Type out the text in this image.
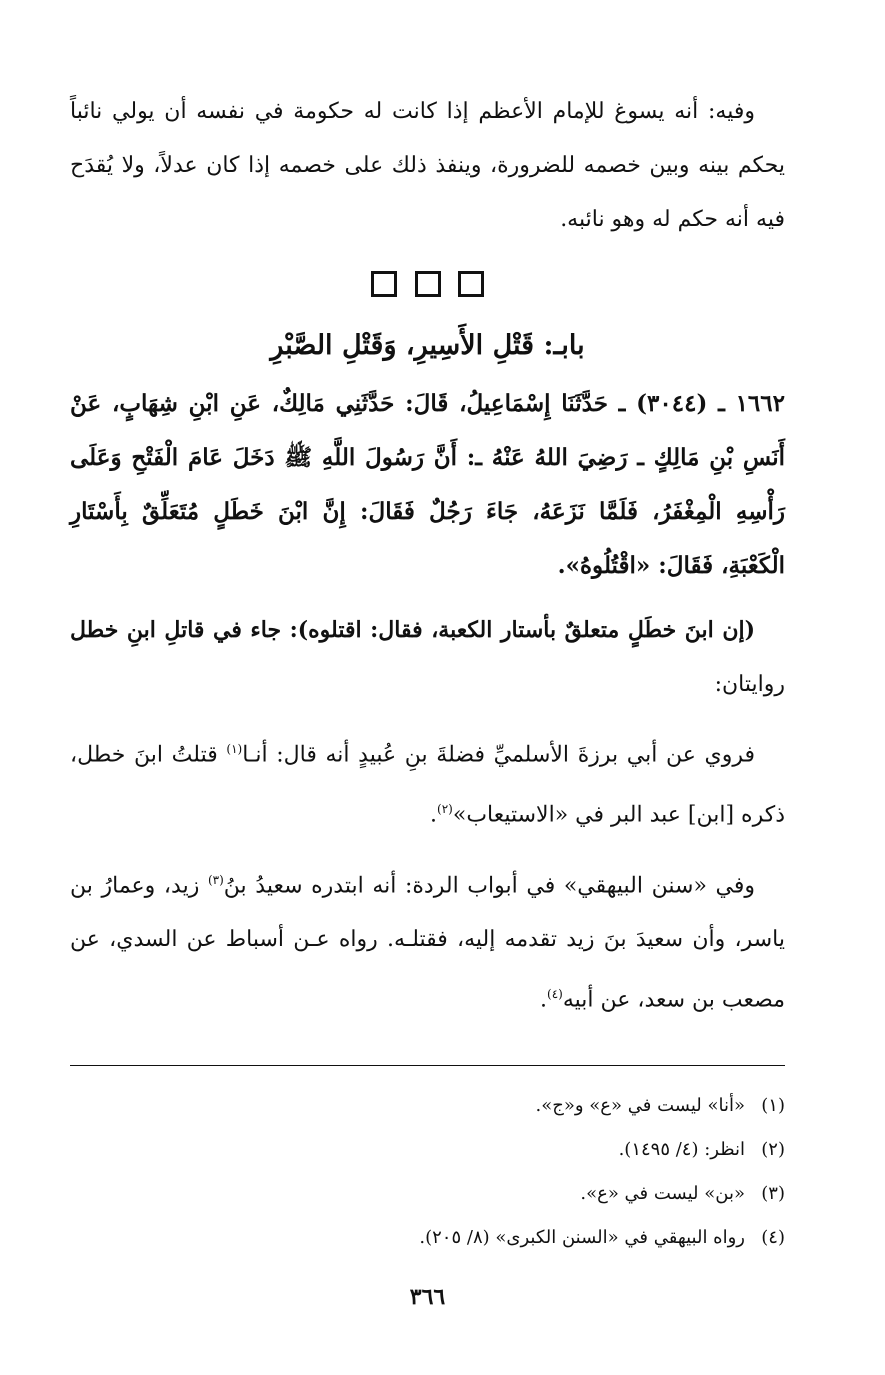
وفيه: أنه يسوغ للإمام الأعظم إذا كانت له حكومة في نفسه أن يولي نائباً يحكم بينه وبين خصمه للضرورة، وينفذ ذلك على خصمه إذا كان عدلاً، ولا يُقدَح فيه أنه حكم له وهو نائبه.

بابـ: قَتْلِ الأَسِيرِ، وَقَتْلِ الصَّبْرِ

١٦٦٢ ـ (٣٠٤٤) ـ حَدَّثَنَا إِسْمَاعِيلُ، قَالَ: حَدَّثَنِي مَالِكٌ، عَنِ ابْنِ شِهَابٍ، عَنْ أَنَسِ بْنِ مَالِكٍ ـ رَضِيَ اللهُ عَنْهُ ـ: أَنَّ رَسُولَ اللَّهِ ﷺ دَخَلَ عَامَ الْفَتْحِ وَعَلَى رَأْسِهِ الْمِغْفَرُ، فَلَمَّا نَزَعَهُ، جَاءَ رَجُلٌ فَقَالَ: إِنَّ ابْنَ خَطَلٍ مُتَعَلِّقٌ بِأَسْتَارِ الْكَعْبَةِ، فَقَالَ: «اقْتُلُوهُ».

(إن ابنَ خطَلٍ متعلقٌ بأستار الكعبة، فقال: اقتلوه): جاء في قاتلِ ابنِ خطل روايتان:

فروي عن أبي برزةَ الأسلميِّ فضلةَ بنِ عُبيدٍ أنه قال: أنـا$^{(١)}$ قتلتُ ابنَ خطل، ذكره [ابن] عبد البر في «الاستيعاب»$^{(٢)}$.

وفي «سنن البيهقي» في أبواب الردة: أنه ابتدره سعيدُ بنُ$^{(٣)}$ زيد، وعمارُ بن ياسر، وأن سعيدَ بنَ زيد تقدمه إليه، فقتلـه. رواه عـن أسباط عن السدي، عن مصعب بن سعد، عن أبيه$^{(٤)}$.

(١)«أنا» ليست في «ع» و«ج».

(٢)انظر: (٤/ ١٤٩٥).

(٣)«بن» ليست في «ع».

(٤)رواه البيهقي في «السنن الكبرى» (٨/ ٢٠٥).

٣٦٦
